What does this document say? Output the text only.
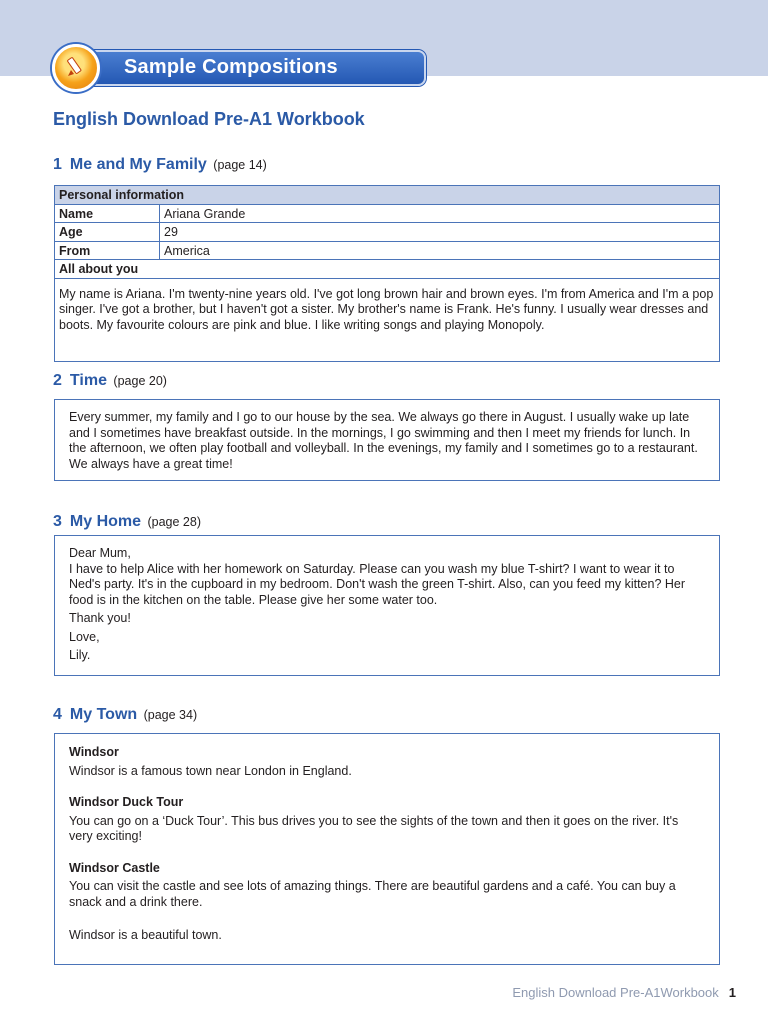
Sample Compositions
English Download Pre-A1 Workbook
1 Me and My Family (page 14)
Personal information
Name	Ariana Grande
Age	29
From	America
All about you
My name is Ariana. I'm twenty-nine years old. I've got long brown hair and brown eyes. I'm from America and I'm a pop singer. I've got a brother, but I haven't got a sister. My brother's name is Frank. He's funny. I usually wear dresses and boots. My favourite colours are pink and blue. I like writing songs and playing Monopoly.
2 Time (page 20)

Every summer, my family and I go to our house by the sea. We always go there in August. I usually wake up late and I sometimes have breakfast outside. In the mornings, I go swimming and then I meet my friends for lunch. In the afternoon, we often play football and volleyball. In the evenings, my family and I sometimes go to a restaurant. We always have a great time!

3 My Home (page 28)

Dear Mum,

I have to help Alice with her homework on Saturday. Please can you wash my blue T-shirt? I want to wear it to Ned's party. It's in the cupboard in my bedroom. Don't wash the green T-shirt. Also, can you feed my kitten? Her food is in the kitchen on the table. Please give her some water too.

Thank you!

Love,

Lily.

4 My Town (page 34)

Windsor

Windsor is a famous town near London in England.

Windsor Duck Tour

You can go on a ‘Duck Tour’. This bus drives you to see the sights of the town and then it goes on the river. It's very exciting!

Windsor Castle

You can visit the castle and see lots of amazing things. There are beautiful gardens and a café. You can buy a snack and a drink there.

Windsor is a beautiful town.

English Download Pre-A1Workbook 1
